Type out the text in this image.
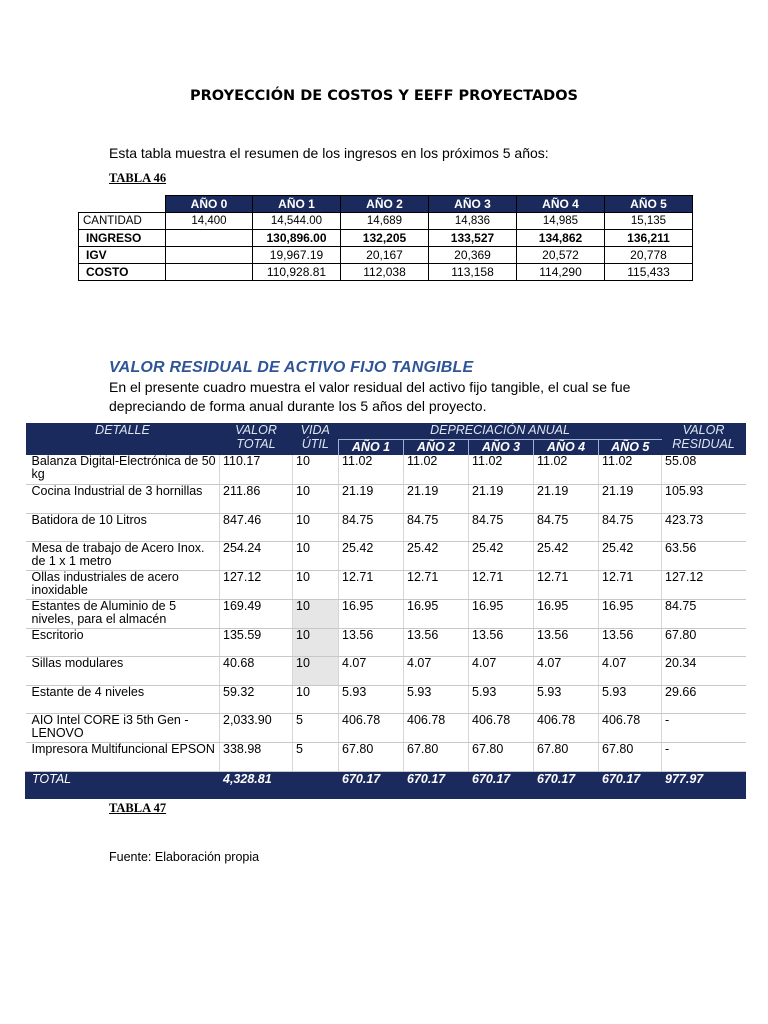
PROYECCIÓN DE COSTOS Y EEFF PROYECTADOS
Esta tabla muestra el resumen de los ingresos en los próximos 5 años:
TABLA 46
	AÑO 0	AÑO 1	AÑO 2	AÑO 3	AÑO 4	AÑO 5
CANTIDAD	14,400	14,544.00	14,689	14,836	14,985	15,135
INGRESO		130,896.00	132,205	133,527	134,862	136,211
IGV		19,967.19	20,167	20,369	20,572	20,778
COSTO		110,928.81	112,038	113,158	114,290	115,433
VALOR RESIDUAL DE ACTIVO FIJO TANGIBLE
En el presente cuadro muestra el valor residual del activo fijo tangible, el cual se fue depreciando de forma anual durante los 5 años del proyecto.
DETALLE	VALOR TOTAL	VIDA ÚTIL	DEPRECIACIÓN ANUAL					VALOR RESIDUAL
			AÑO 1	AÑO 2	AÑO 3	AÑO 4	AÑO 5	
Balanza Digital-Electrónica de 50 kg	110.17	10	11.02	11.02	11.02	11.02	11.02	55.08
Cocina Industrial de 3 hornillas	211.86	10	21.19	21.19	21.19	21.19	21.19	105.93
Batidora de 10 Litros	847.46	10	84.75	84.75	84.75	84.75	84.75	423.73
Mesa de trabajo de Acero Inox. de 1 x 1 metro	254.24	10	25.42	25.42	25.42	25.42	25.42	63.56
Ollas industriales de acero inoxidable	127.12	10	12.71	12.71	12.71	12.71	12.71	127.12
Estantes de Aluminio de 5 niveles, para el almacén	169.49	10	16.95	16.95	16.95	16.95	16.95	84.75
Escritorio	135.59	10	13.56	13.56	13.56	13.56	13.56	67.80
Sillas modulares	40.68	10	4.07	4.07	4.07	4.07	4.07	20.34
Estante de 4 niveles	59.32	10	5.93	5.93	5.93	5.93	5.93	29.66
AIO Intel CORE i3 5th Gen - LENOVO	2,033.90	5	406.78	406.78	406.78	406.78	406.78	-
Impresora Multifuncional EPSON	338.98	5	67.80	67.80	67.80	67.80	67.80	-
TOTAL	4,328.81		670.17	670.17	670.17	670.17	670.17	977.97
TABLA 47
Fuente: Elaboración propia
